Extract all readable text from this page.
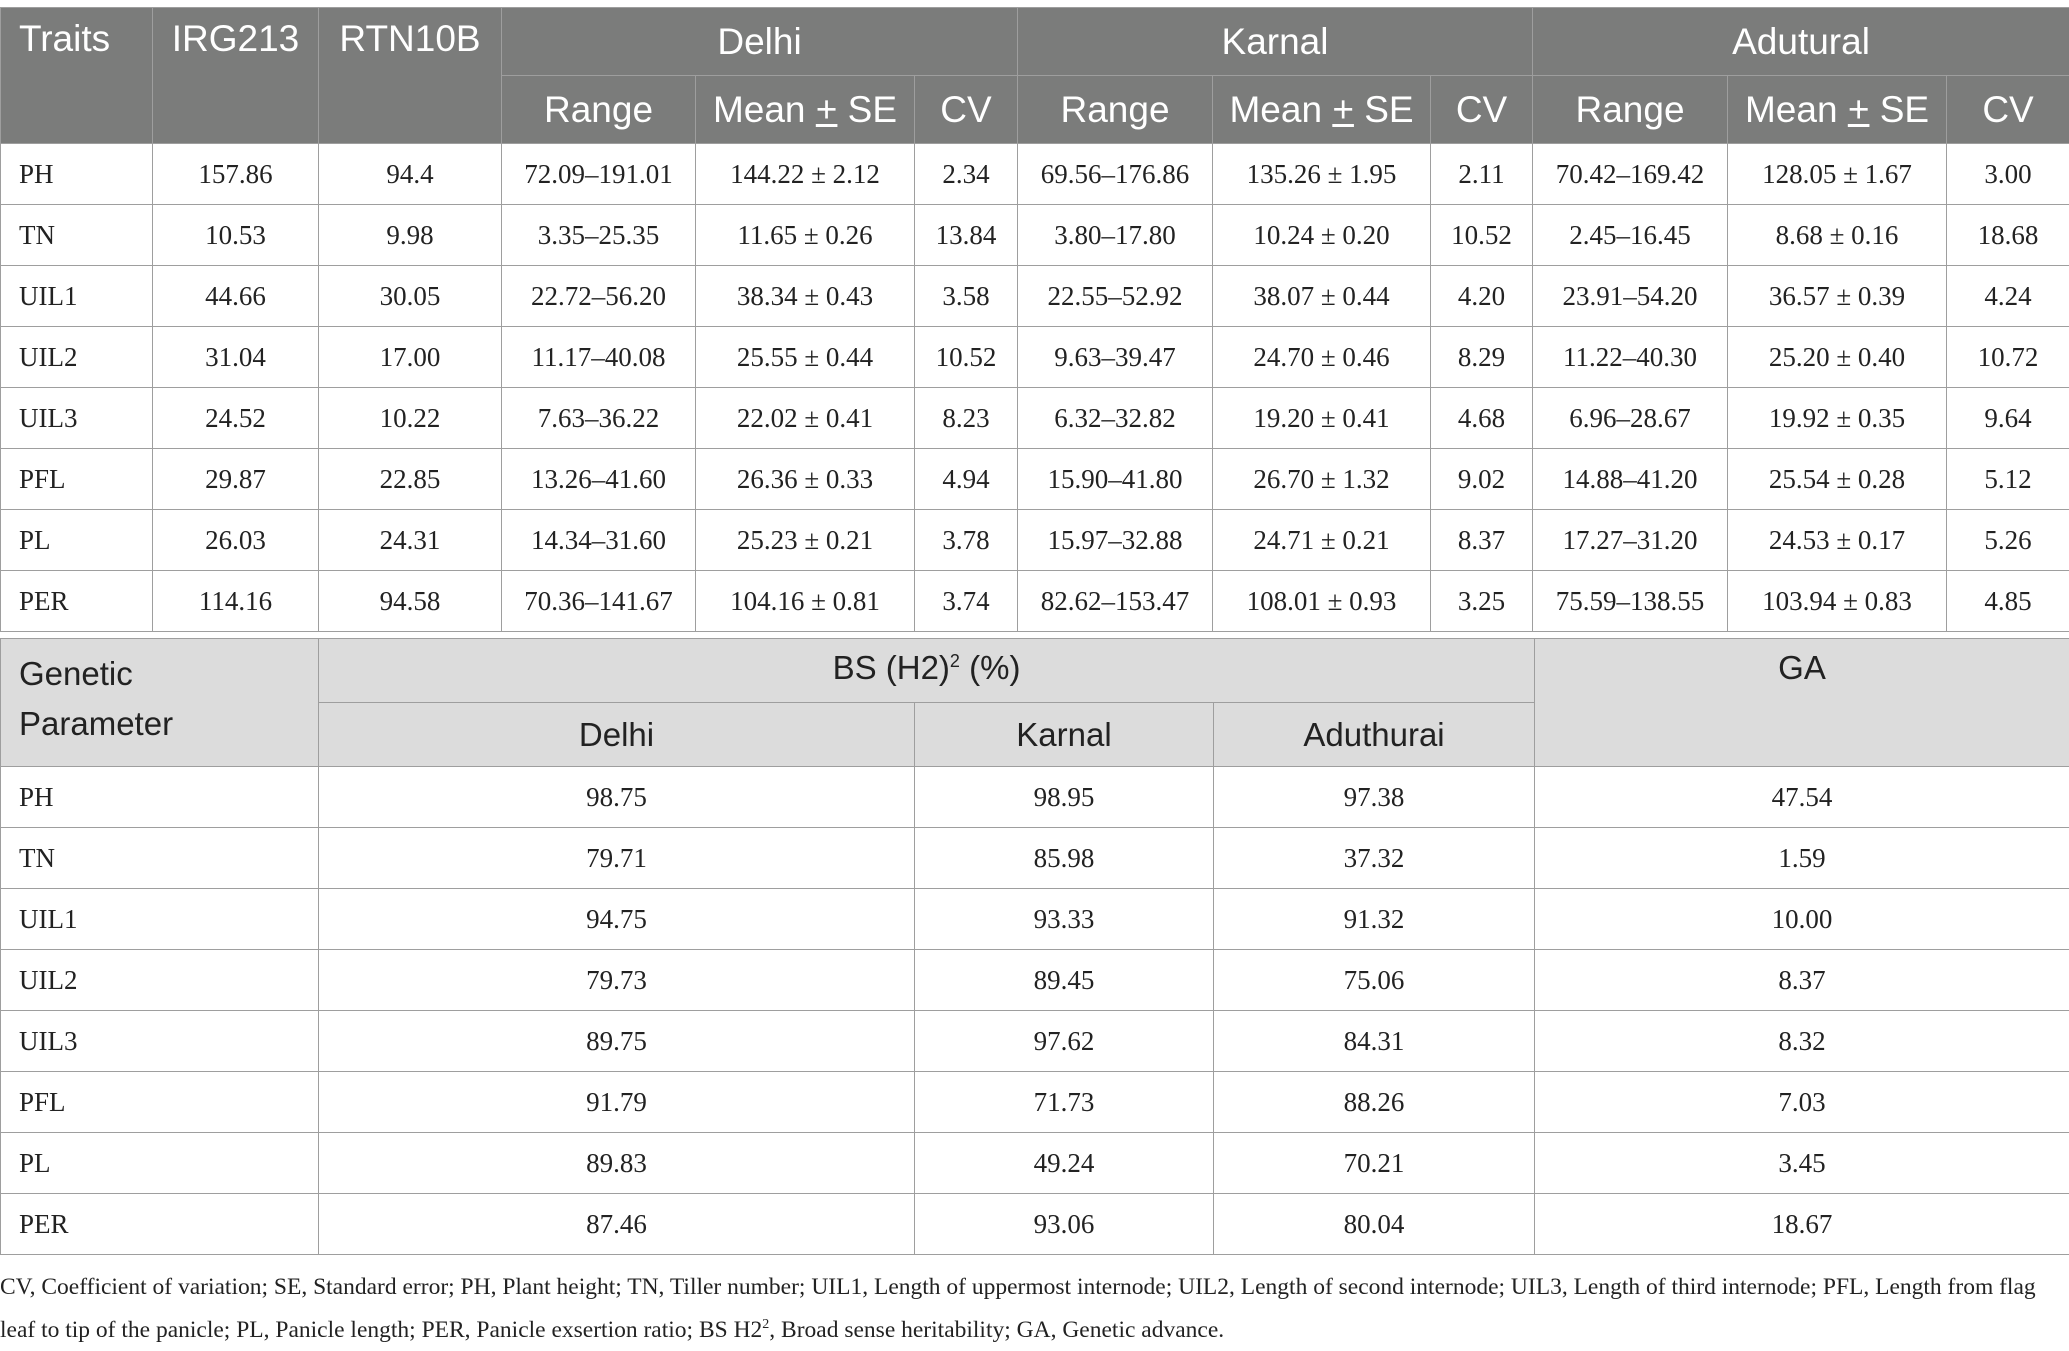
Traits	IRG213	RTN10B	Delhi			Karnal			Adutural		
			Range	Mean + SE	CV	Range	Mean + SE	CV	Range	Mean + SE	CV
PH	157.86	94.4	72.09–191.01	144.22 ± 2.12	2.34	69.56–176.86	135.26 ± 1.95	2.11	70.42–169.42	128.05 ± 1.67	3.00
TN	10.53	9.98	3.35–25.35	11.65 ± 0.26	13.84	3.80–17.80	10.24 ± 0.20	10.52	2.45–16.45	8.68 ± 0.16	18.68
UIL1	44.66	30.05	22.72–56.20	38.34 ± 0.43	3.58	22.55–52.92	38.07 ± 0.44	4.20	23.91–54.20	36.57 ± 0.39	4.24
UIL2	31.04	17.00	11.17–40.08	25.55 ± 0.44	10.52	9.63–39.47	24.70 ± 0.46	8.29	11.22–40.30	25.20 ± 0.40	10.72
UIL3	24.52	10.22	7.63–36.22	22.02 ± 0.41	8.23	6.32–32.82	19.20 ± 0.41	4.68	6.96–28.67	19.92 ± 0.35	9.64
PFL	29.87	22.85	13.26–41.60	26.36 ± 0.33	4.94	15.90–41.80	26.70 ± 1.32	9.02	14.88–41.20	25.54 ± 0.28	5.12
PL	26.03	24.31	14.34–31.60	25.23 ± 0.21	3.78	15.97–32.88	24.71 ± 0.21	8.37	17.27–31.20	24.53 ± 0.17	5.26
PER	114.16	94.58	70.36–141.67	104.16 ± 0.81	3.74	82.62–153.47	108.01 ± 0.93	3.25	75.59–138.55	103.94 ± 0.83	4.85
Genetic
Parameter	BS $(H2)^2$ (%)			GA
	Delhi	Karnal	Aduthurai	
PH	98.75	98.95	97.38	47.54
TN	79.71	85.98	37.32	1.59
UIL1	94.75	93.33	91.32	10.00
UIL2	79.73	89.45	75.06	8.37
UIL3	89.75	97.62	84.31	8.32
PFL	91.79	71.73	88.26	7.03
PL	89.83	49.24	70.21	3.45
PER	87.46	93.06	80.04	18.67
CV, Coefficient of variation; SE, Standard error; PH, Plant height; TN, Tiller number; UIL1, Length of uppermost internode; UIL2, Length of second internode; UIL3, Length of third internode; PFL, Length from flag leaf to tip of the panicle; PL, Panicle length; PER, Panicle exsertion ratio; BS $H2^2$, Broad sense heritability; GA, Genetic advance.
